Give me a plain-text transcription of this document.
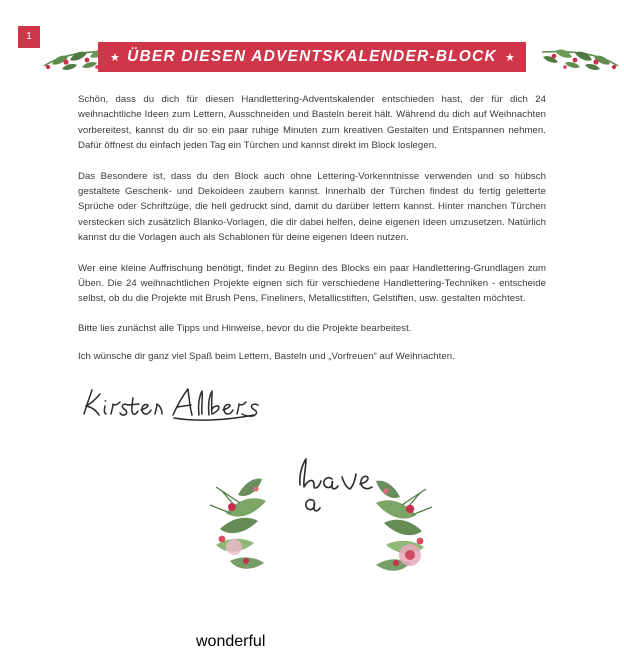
ÜBER DIESEN ADVENTSKALENDER-BLOCK
★	★
1

Schön, dass du dich für diesen Handlettering-Adventskalender entschieden hast, der für dich 24 weihnachtliche Ideen zum Lettern, Ausschneiden und Basteln bereit hält. Während du dich auf Weihnachten vorbereitest, kannst du dir so ein paar ruhige Minuten zum kreativen Gestalten und Entspannen nehmen. Dafür öffnest du einfach jeden Tag ein Türchen und kannst direkt im Block loslegen.

Das Besondere ist, dass du den Block auch ohne Lettering-Vorkenntnisse verwenden und so hübsch gestaltete Geschenk- und Dekoideen zaubern kannst. Innerhalb der Türchen findest du fertig geletterte Sprüche oder Schriftzüge, die hell gedruckt sind, damit du darüber lettern kannst. Hinter manchen Türchen verstecken sich zusätzlich Blanko-Vorlagen, die dir dabei helfen, deine eigenen Ideen umzusetzen. Natürlich kannst du die Vorlagen auch als Schablonen für deine eigenen Ideen nutzen.

Wer eine kleine Auffrischung benötigt, findet zu Beginn des Blocks ein paar Handlettering-Grundlagen zum Üben. Die 24 weihnachtlichen Projekte eignen sich für verschiedene Handlettering-Techniken - entscheide selbst, ob du die Projekte mit Brush Pens, Fineliners, Metallicstiften, Gelstiften, usw. gestalten möchtest.

Bitte lies zunächst alle Tipps und Hinweise, bevor du die Projekte bearbeitest.

Ich wünsche dir ganz viel Spaß beim Lettern, Basteln und „Vorfreuen“ auf Weihnachten.

wonderful
